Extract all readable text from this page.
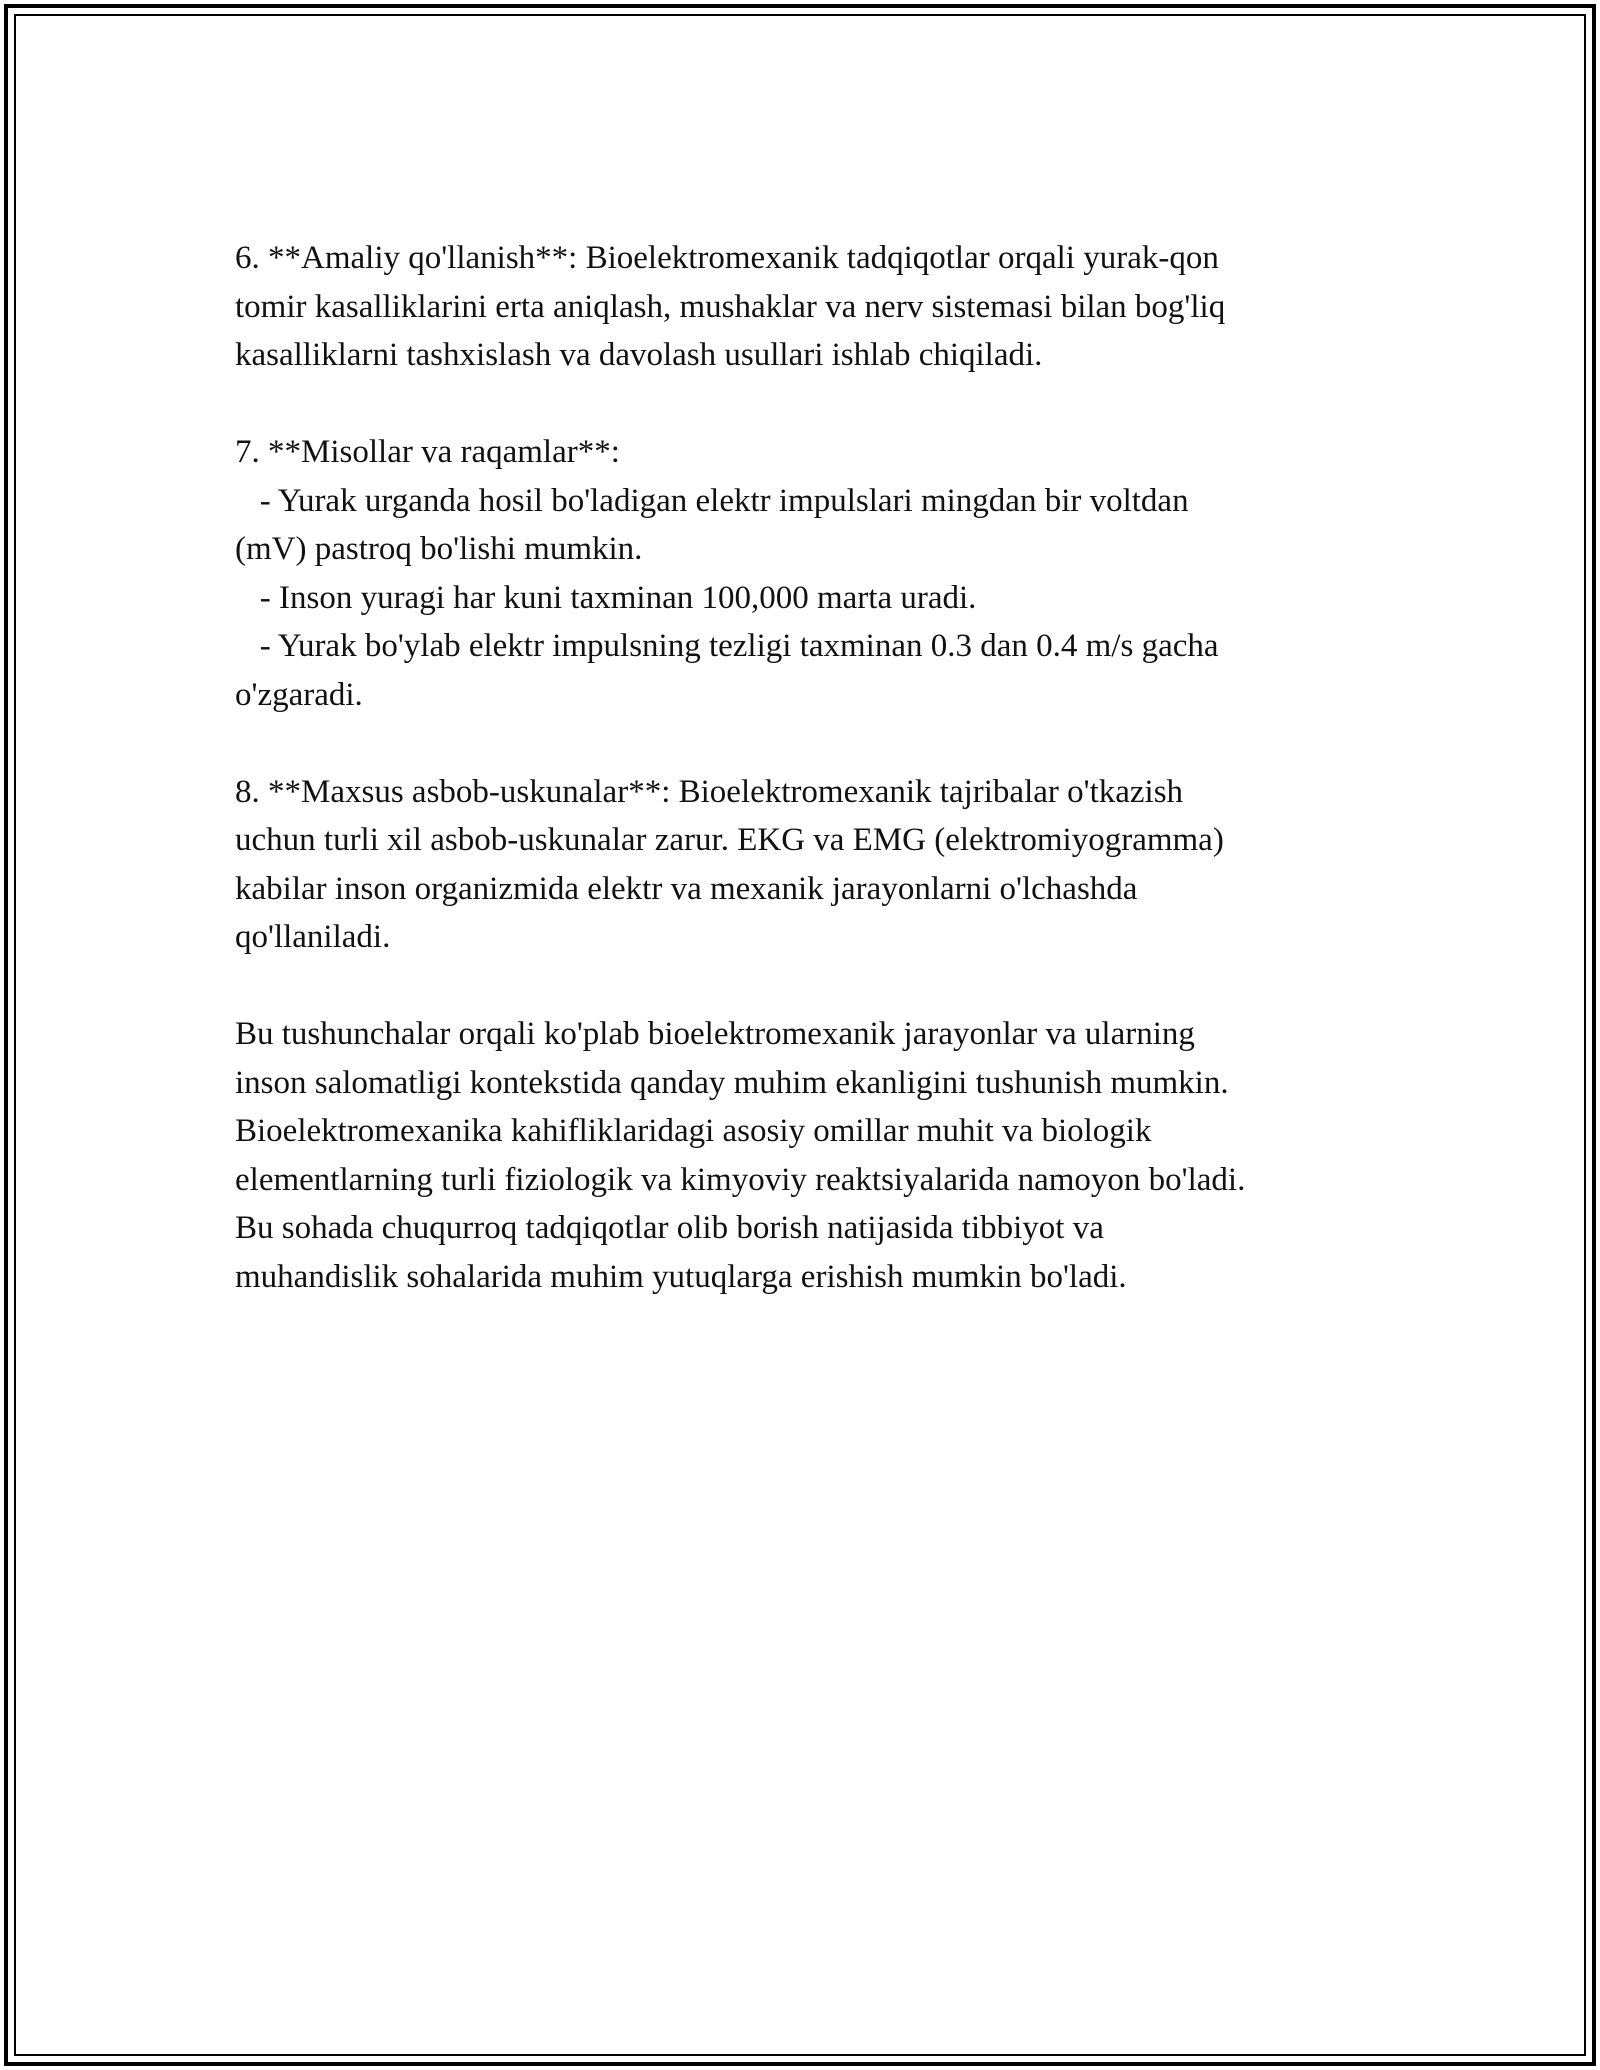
6. **Amaliy qo'llanish**: Bioelektromexanik tadqiqotlar orqali yurak-qon
tomir kasalliklarini erta aniqlash, mushaklar va nerv sistemasi bilan bog'liq
kasalliklarni tashxislash va davolash usullari ishlab chiqiladi.
7. **Misollar va raqamlar**:
- Yurak urganda hosil bo'ladigan elektr impulslari mingdan bir voltdan
(mV) pastroq bo'lishi mumkin.
- Inson yuragi har kuni taxminan 100,000 marta uradi.
- Yurak bo'ylab elektr impulsning tezligi taxminan 0.3 dan 0.4 m/s gacha
o'zgaradi.
8. **Maxsus asbob-uskunalar**: Bioelektromexanik tajribalar o'tkazish
uchun turli xil asbob-uskunalar zarur. EKG va EMG (elektromiyogramma)
kabilar inson organizmida elektr va mexanik jarayonlarni o'lchashda
qo'llaniladi.
Bu tushunchalar orqali ko'plab bioelektromexanik jarayonlar va ularning
inson salomatligi kontekstida qanday muhim ekanligini tushunish mumkin.
Bioelektromexanika kahifliklaridagi asosiy omillar muhit va biologik
elementlarning turli fiziologik va kimyoviy reaktsiyalarida namoyon bo'ladi.
Bu sohada chuqurroq tadqiqotlar olib borish natijasida tibbiyot va
muhandislik sohalarida muhim yutuqlarga erishish mumkin bo'ladi.
